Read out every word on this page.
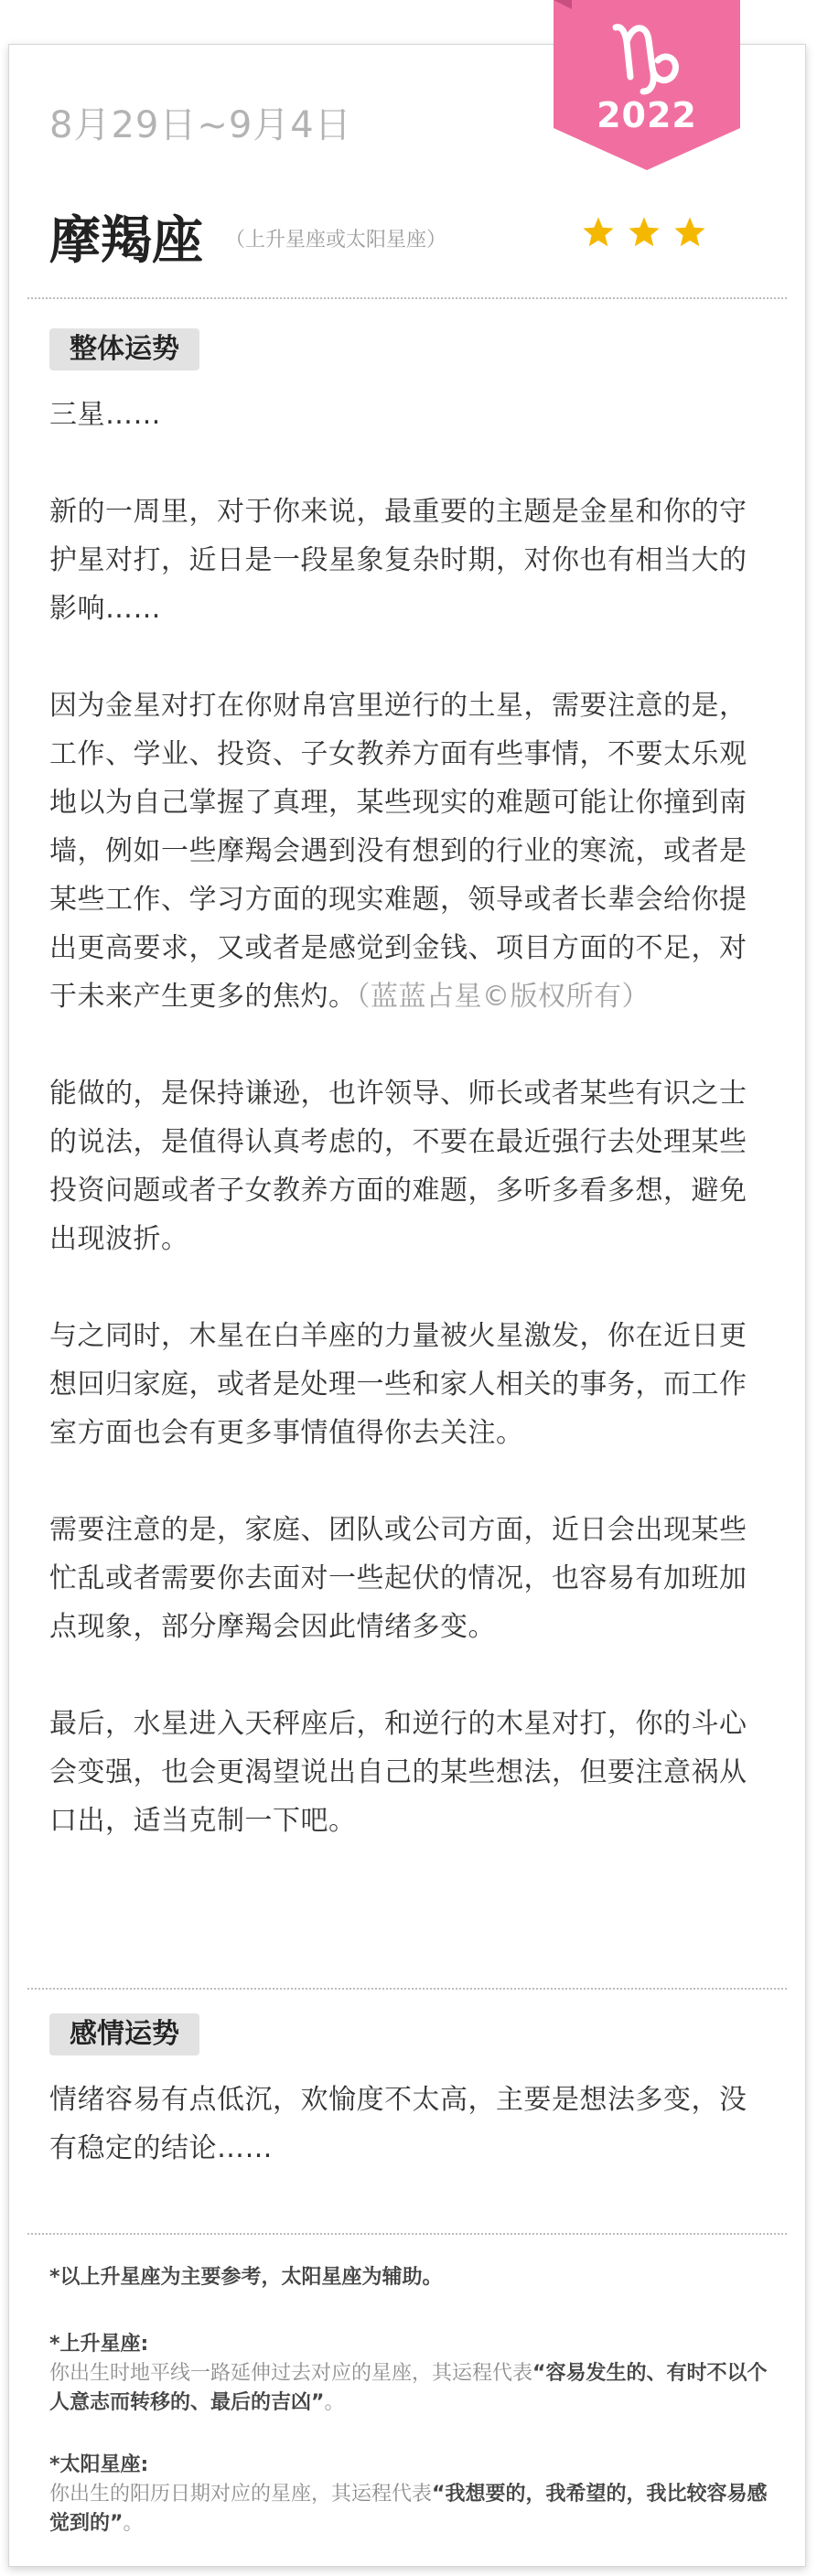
8月29日~9月4日
摩羯座 （上升星座或太阳星座）
整体运势

三星……

新的一周里，对于你来说，最重要的主题是金星和你的守护星对打，近日是一段星象复杂时期，对你也有相当大的影响……

因为金星对打在你财帛宫里逆行的土星，需要注意的是，工作、学业、投资、子女教养方面有些事情，不要太乐观地以为自己掌握了真理，某些现实的难题可能让你撞到南墙，例如一些摩羯会遇到没有想到的行业的寒流，或者是某些工作、学习方面的现实难题，领导或者长辈会给你提出更高要求，又或者是感觉到金钱、项目方面的不足，对于未来产生更多的焦灼。（蓝蓝占星©版权所有）

能做的，是保持谦逊，也许领导、师长或者某些有识之士的说法，是值得认真考虑的，不要在最近强行去处理某些投资问题或者子女教养方面的难题，多听多看多想，避免出现波折。

与之同时，木星在白羊座的力量被火星激发，你在近日更想回归家庭，或者是处理一些和家人相关的事务，而工作室方面也会有更多事情值得你去关注。

需要注意的是，家庭、团队或公司方面，近日会出现某些忙乱或者需要你去面对一些起伏的情况，也容易有加班加点现象，部分摩羯会因此情绪多变。

最后，水星进入天秤座后，和逆行的木星对打，你的斗心会变强，也会更渴望说出自己的某些想法，但要注意祸从口出，适当克制一下吧。

感情运势

情绪容易有点低沉，欢愉度不太高，主要是想法多变，没有稳定的结论……

*以上升星座为主要参考，太阳星座为辅助。
*上升星座:
你出生时地平线一路延伸过去对应的星座，其运程代表“容易发生的、有时不以个人意志而转移的、最后的吉凶”。
*太阳星座:
你出生的阳历日期对应的星座，其运程代表“我想要的，我希望的，我比较容易感觉到的”。
2022
